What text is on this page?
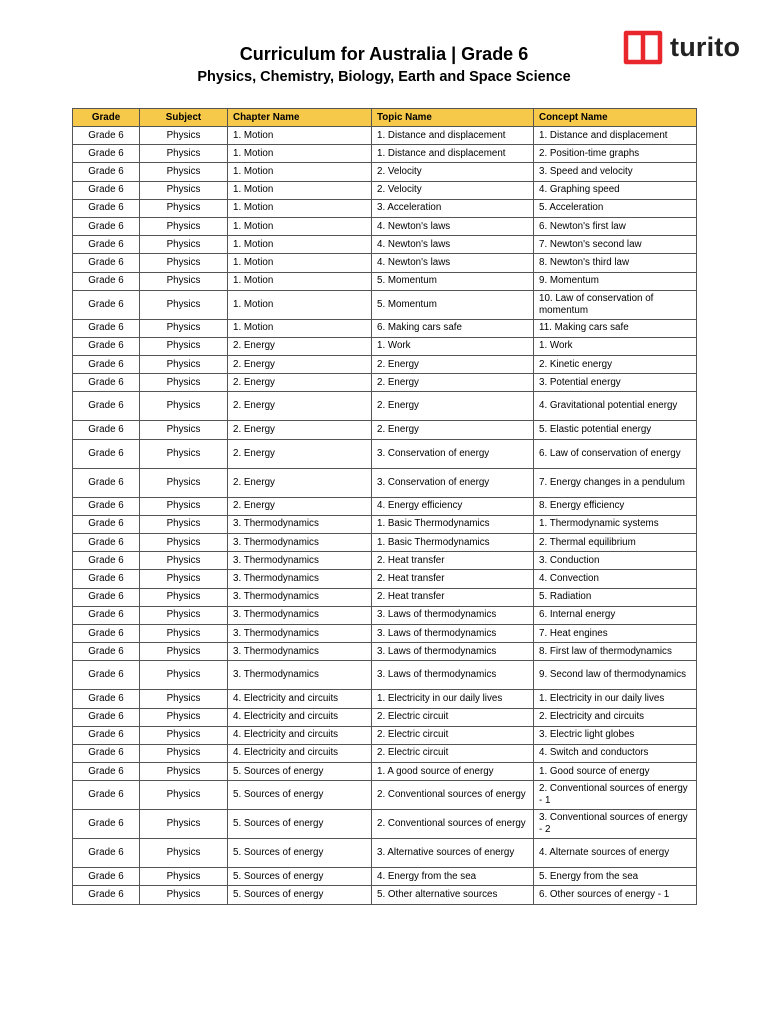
Curriculum for Australia | Grade 6
Physics, Chemistry, Biology, Earth and Space Science
turito
Grade	Subject	Chapter Name	Topic Name	Concept Name
Grade 6	Physics	1. Motion	1. Distance and displacement	1. Distance and displacement
Grade 6	Physics	1. Motion	1. Distance and displacement	2. Position-time graphs
Grade 6	Physics	1. Motion	2. Velocity	3. Speed and velocity
Grade 6	Physics	1. Motion	2. Velocity	4. Graphing speed
Grade 6	Physics	1. Motion	3. Acceleration	5. Acceleration
Grade 6	Physics	1. Motion	4. Newton's laws	6. Newton's first law
Grade 6	Physics	1. Motion	4. Newton's laws	7. Newton's second law
Grade 6	Physics	1. Motion	4. Newton's laws	8. Newton's third law
Grade 6	Physics	1. Motion	5. Momentum	9. Momentum
Grade 6	Physics	1. Motion	5. Momentum	10. Law of conservation of momentum
Grade 6	Physics	1. Motion	6. Making cars safe	11. Making cars safe
Grade 6	Physics	2. Energy	1. Work	1. Work
Grade 6	Physics	2. Energy	2. Energy	2. Kinetic energy
Grade 6	Physics	2. Energy	2. Energy	3. Potential energy
Grade 6	Physics	2. Energy	2. Energy	4. Gravitational potential energy
Grade 6	Physics	2. Energy	2. Energy	5. Elastic potential energy
Grade 6	Physics	2. Energy	3. Conservation of energy	6. Law of conservation of energy
Grade 6	Physics	2. Energy	3. Conservation of energy	7. Energy changes in a pendulum
Grade 6	Physics	2. Energy	4. Energy efficiency	8. Energy efficiency
Grade 6	Physics	3. Thermodynamics	1. Basic Thermodynamics	1. Thermodynamic systems
Grade 6	Physics	3. Thermodynamics	1. Basic Thermodynamics	2. Thermal equilibrium
Grade 6	Physics	3. Thermodynamics	2. Heat transfer	3. Conduction
Grade 6	Physics	3. Thermodynamics	2. Heat transfer	4. Convection
Grade 6	Physics	3. Thermodynamics	2. Heat transfer	5. Radiation
Grade 6	Physics	3. Thermodynamics	3. Laws of thermodynamics	6. Internal energy
Grade 6	Physics	3. Thermodynamics	3. Laws of thermodynamics	7. Heat engines
Grade 6	Physics	3. Thermodynamics	3. Laws of thermodynamics	8. First law of thermodynamics
Grade 6	Physics	3. Thermodynamics	3. Laws of thermodynamics	9. Second law of thermodynamics
Grade 6	Physics	4. Electricity and circuits	1. Electricity in our daily lives	1. Electricity in our daily lives
Grade 6	Physics	4. Electricity and circuits	2. Electric circuit	2. Electricity and circuits
Grade 6	Physics	4. Electricity and circuits	2. Electric circuit	3. Electric light globes
Grade 6	Physics	4. Electricity and circuits	2. Electric circuit	4. Switch and conductors
Grade 6	Physics	5. Sources of energy	1. A good source of energy	1. Good source of energy
Grade 6	Physics	5. Sources of energy	2. Conventional sources of energy	2. Conventional sources of energy - 1
Grade 6	Physics	5. Sources of energy	2. Conventional sources of energy	3. Conventional sources of energy - 2
Grade 6	Physics	5. Sources of energy	3. Alternative sources of energy	4. Alternate sources of energy
Grade 6	Physics	5. Sources of energy	4. Energy from the sea	5. Energy from the sea
Grade 6	Physics	5. Sources of energy	5. Other alternative sources	6. Other sources of energy - 1
